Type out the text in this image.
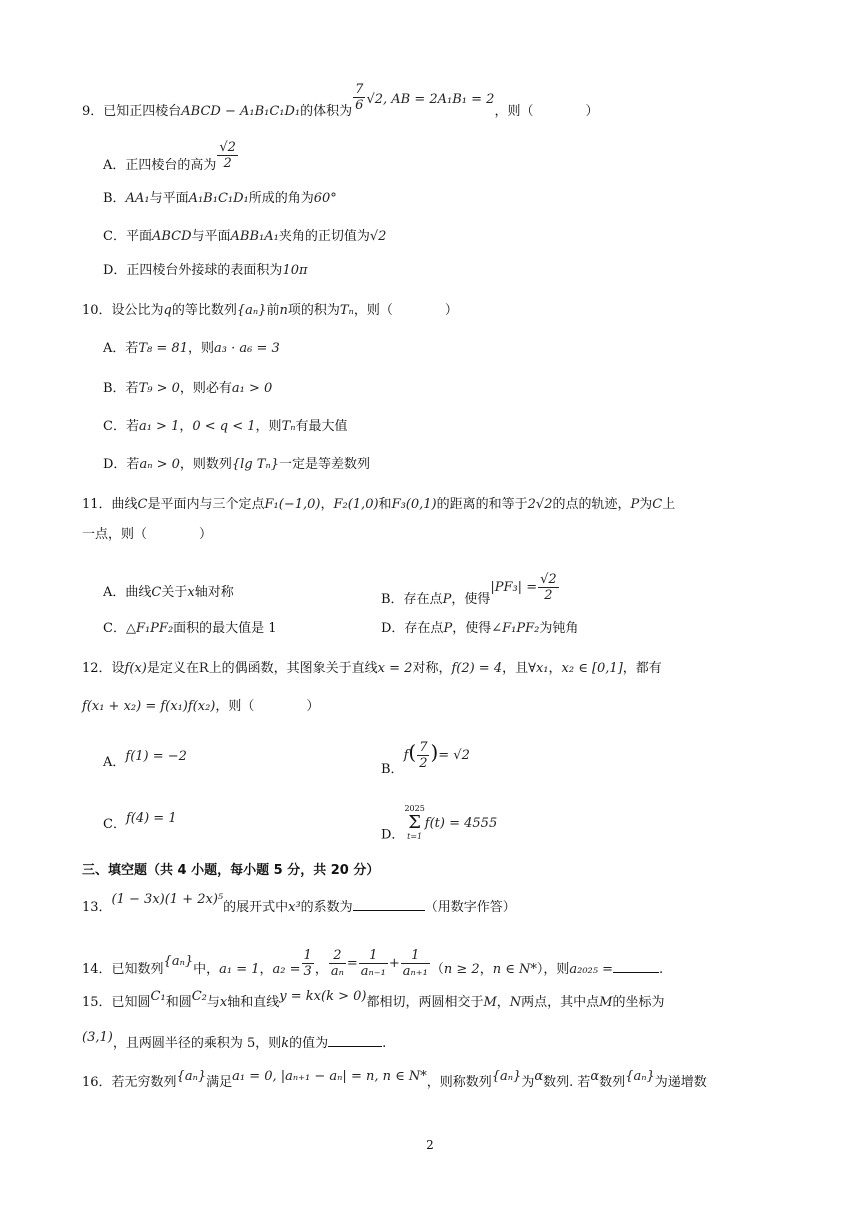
9．已知正四棱台ABCD − A₁B₁C₁D₁的体积为 $\frac{7}{6} √2$, AB = 2A₁B₁ = 2，则（　　　　）
A．正四棱台的高为 $\frac{√2}{2}$
B．AA₁与平面A₁B₁C₁D₁所成的角为60°
C．平面ABCD与平面ABB₁A₁夹角的正切值为√2
D．正四棱台外接球的表面积为10π
10．设公比为q的等比数列{aₙ}前n项的积为Tₙ，则（　　　　）
A．若T₈ = 81，则a₃ · a₆ = 3
B．若T₉ > 0，则必有a₁ > 0
C．若a₁ > 1，0 < q < 1，则Tₙ有最大值
D．若aₙ > 0，则数列{lg Tₙ}一定是等差数列
11．曲线C是平面内与三个定点F₁(−1,0)，F₂(1,0)和F₃(0,1)的距离的和等于2√2的点的轨迹，P为C上
一点，则（　　　　）
A．曲线C关于x轴对称	B．存在点P，使得$|PF_3| = \frac{√2}{2}$
C．△F₁PF₂面积的最大值是 1	D．存在点P，使得∠F₁PF₂为钝角
12．设f(x)是定义在R上的偶函数，其图象关于直线x = 2对称，f(2) = 4，且∀x₁，x₂ ∈ [0,1]，都有
f(x₁ + x₂) = f(x₁)f(x₂)，则（　　　　）
A．f(1) = −2
B．$f( \frac{7}{2}$ )= √2
C．f(4) = 1
D．
2025
Σ
t=1
f(t) = 4555
三、填空题（共 4 小题，每小题 5 分，共 20 分）
13．(1 − 3x)(1 + 2x)⁵的展开式中x³的系数为	（用数字作答）
14．已知数列{aₙ}中，a₁ = 1，$a_2 = \frac{1}{3}$ ， $\frac{2}{\text{aₙ}} = \frac{1}{\text{aₙ₋₁}} + \frac{1}{\text{aₙ₊₁}} (n \ge 2$，n ∈ N*），则a₂₀₂₅ =	.
15．已知圆C₁和圆C₂与x轴和直线y = kx(k > 0)都相切，两圆相交于M，N两点，其中点M的坐标为
(3,1)，且两圆半径的乘积为 5，则k的值为	.
16．若无穷数列{aₙ}满足a₁ = 0, |aₙ₊₁ − aₙ| = n, n ∈ N*，则称数列{aₙ}为α数列. 若α数列{aₙ}为递增数
2
